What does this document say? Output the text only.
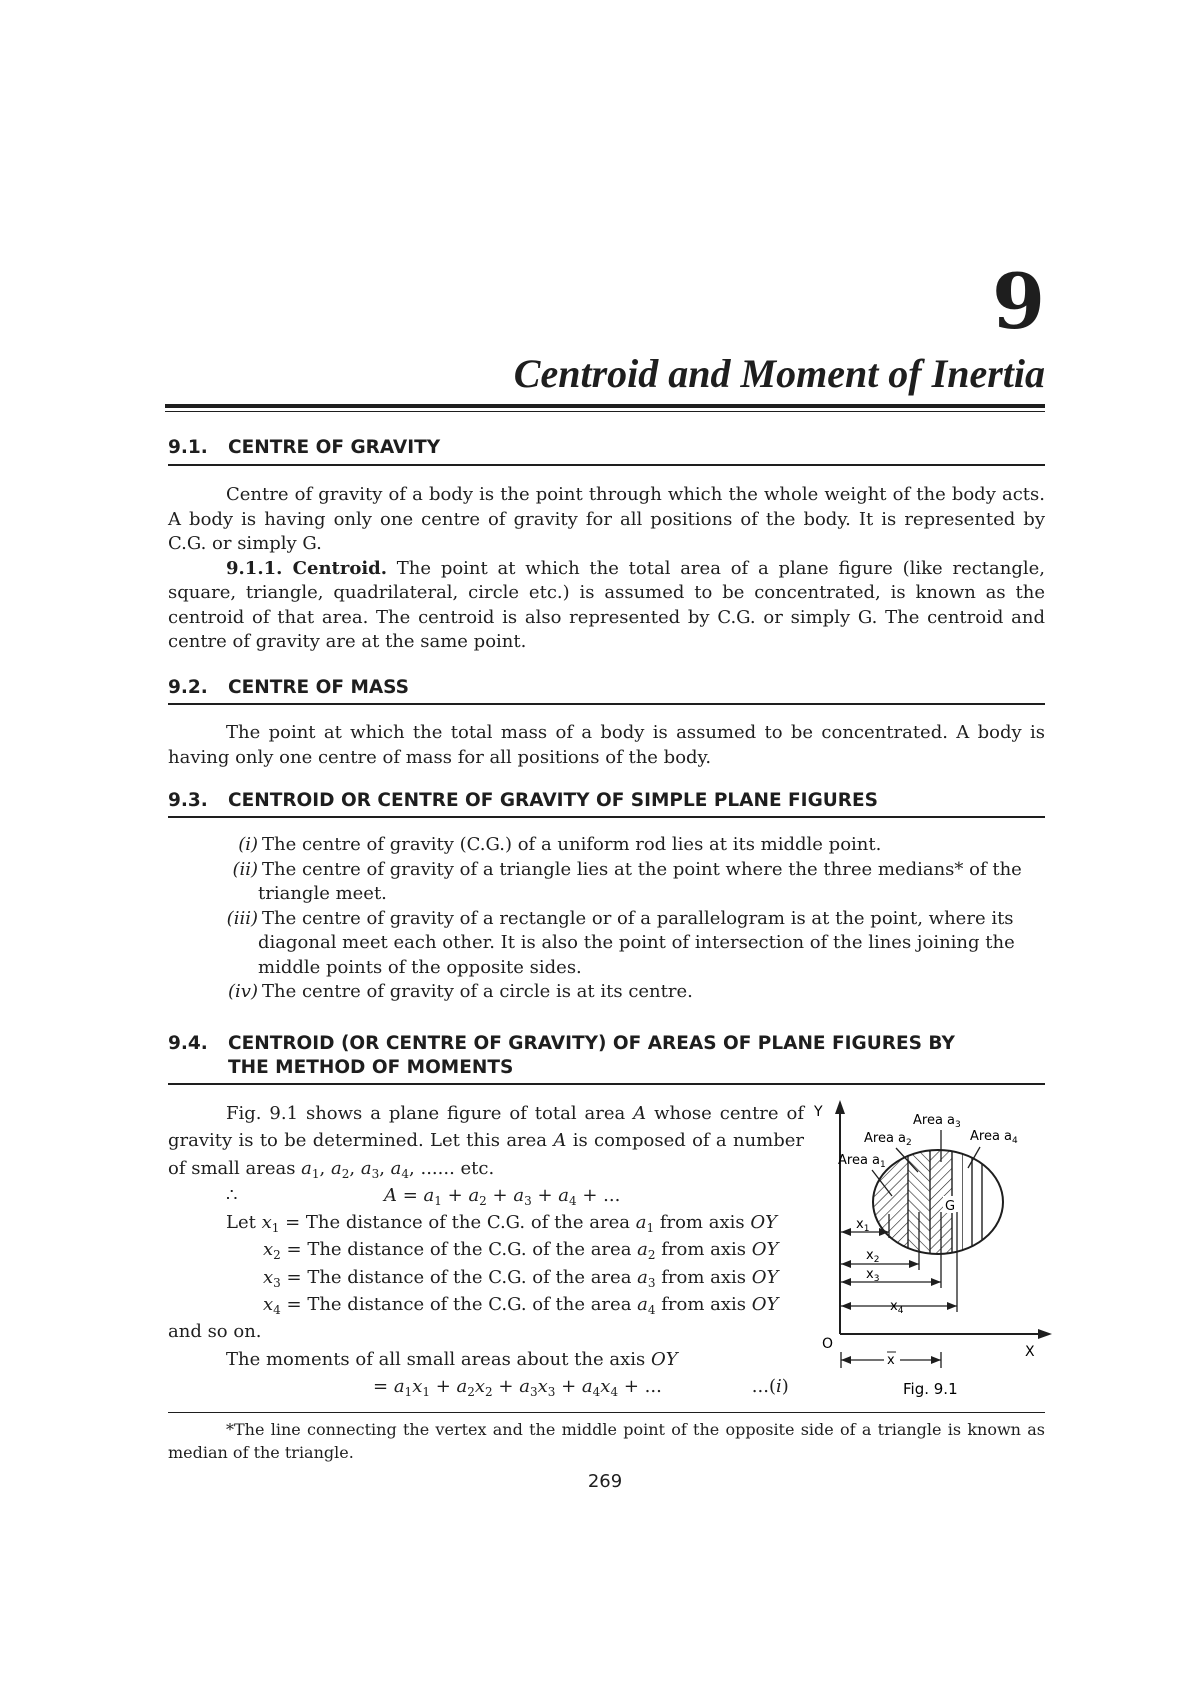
9
Centroid and Moment of Inertia
9.1. CENTRE OF GRAVITY

Centre of gravity of a body is the point through which the whole weight of the body acts. A body is having only one centre of gravity for all positions of the body. It is represented by C.G. or simply G.

9.1.1. Centroid. The point at which the total area of a plane figure (like rectangle, square, triangle, quadrilateral, circle etc.) is assumed to be concentrated, is known as the centroid of that area. The centroid is also represented by C.G. or simply G. The centroid and centre of gravity are at the same point.

9.2. CENTRE OF MASS

The point at which the total mass of a body is assumed to be concentrated. A body is having only one centre of mass for all positions of the body.

9.3. CENTROID OR CENTRE OF GRAVITY OF SIMPLE PLANE FIGURES

(i) The centre of gravity (C.G.) of a uniform rod lies at its middle point.

(ii) The centre of gravity of a triangle lies at the point where the three medians* of the triangle meet.

(iii) The centre of gravity of a rectangle or of a parallelogram is at the point, where its diagonal meet each other. It is also the point of intersection of the lines joining the middle points of the opposite sides.

(iv) The centre of gravity of a circle is at its centre.

9.4. CENTROID (OR CENTRE OF GRAVITY) OF AREAS OF PLANE FIGURES BY
THE METHOD OF MOMENTS

Fig. 9.1 shows a plane figure of total area A whose centre of gravity is to be determined. Let this area A is composed of a number of small areas $a_1$, $a_2$, $a_3$, $a_4$, ...... etc.

∴	$A = a_1 + a_2 + a_3 + a_4$ + ...

Let $x_1$ = The distance of the C.G. of the area $a_1$ from axis OY

$x_2$ = The distance of the C.G. of the area $a_2$ from axis OY

$x_3$ = The distance of the C.G. of the area $a_3$ from axis OY

$x_4$ = The distance of the C.G. of the area $a_4$ from axis OY

and so on.

The moments of all small areas about the axis OY

= $a_1x_1 + a_2x_2 + a_3x_3 + a_4x_4$ + ...	...(i)

Y
X
O
Area $a_1$
Area $a_2$
Area $a_3$
Area $a_4$
G
$x_1$
$x_2$
$x_3$
$x_4$
x
Fig. 9.1

*The line connecting the vertex and the middle point of the opposite side of a triangle is known as median of the triangle.

269
